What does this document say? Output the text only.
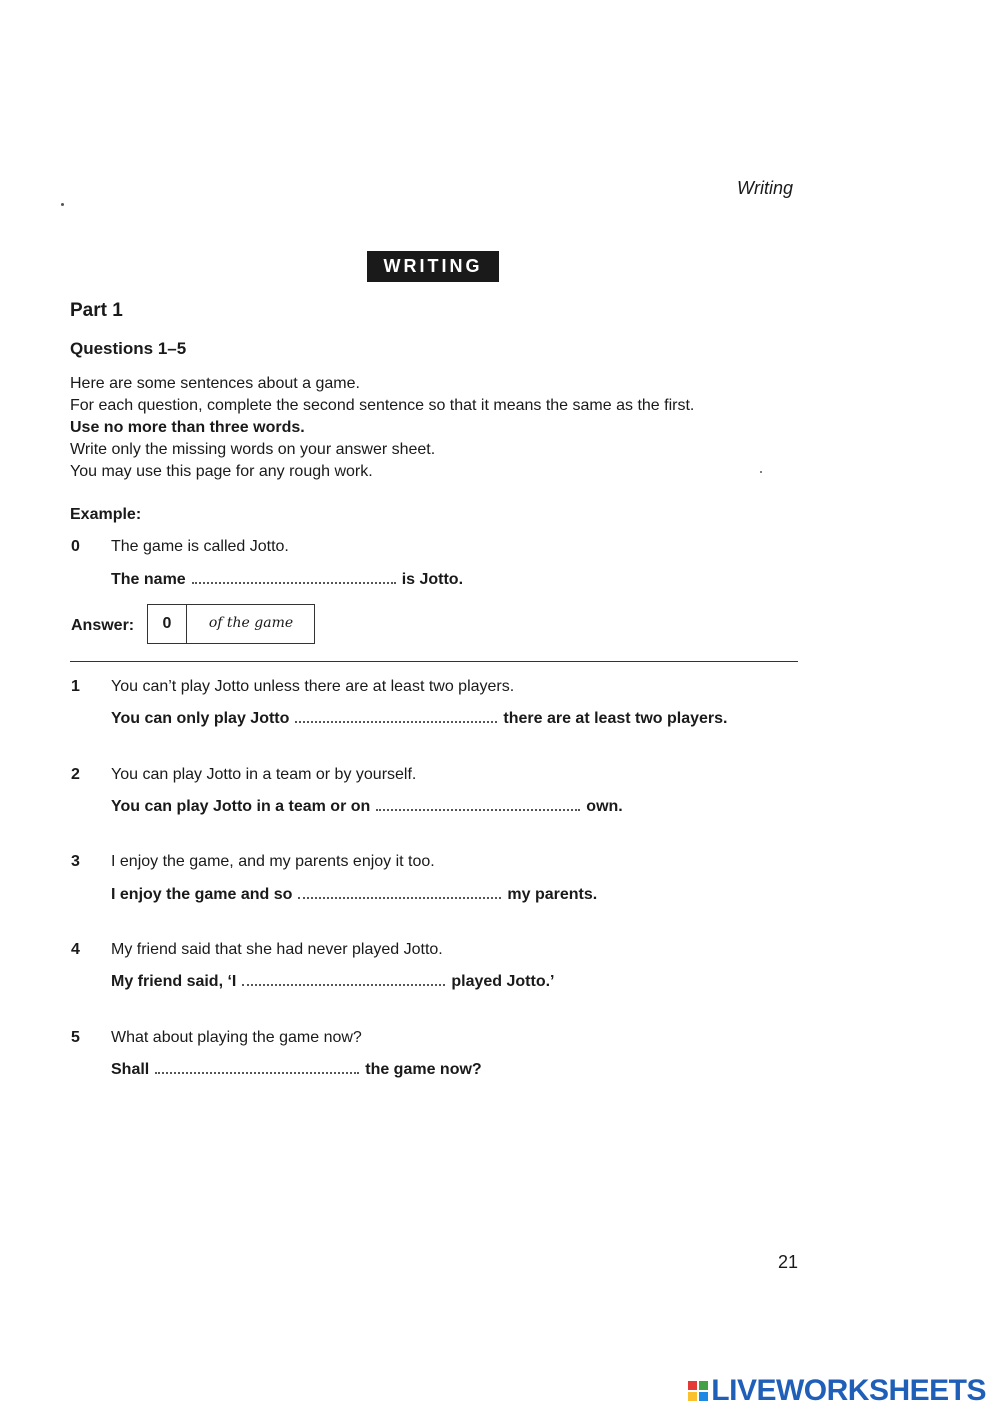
Writing
WRITING
Part 1
Questions 1–5
Here are some sentences about a game.
For each question, complete the second sentence so that it means the same as the first.
Use no more than three words.
Write only the missing words on your answer sheet.
You may use this page for any rough work.
Example:
0 The game is called Jotto.
The name	is Jotto.
Answer:	0	of the game
1 You can’t play Jotto unless there are at least two players.
You can only play Jotto	there are at least two players.
2 You can play Jotto in a team or by yourself.
You can play Jotto in a team or on	own.
3 I enjoy the game, and my parents enjoy it too.
I enjoy the game and so	my parents.
4 My friend said that she had never played Jotto.
My friend said, ‘I	played Jotto.’
5 What about playing the game now?
Shall	the game now?
21
LIVEWORKSHEETS
